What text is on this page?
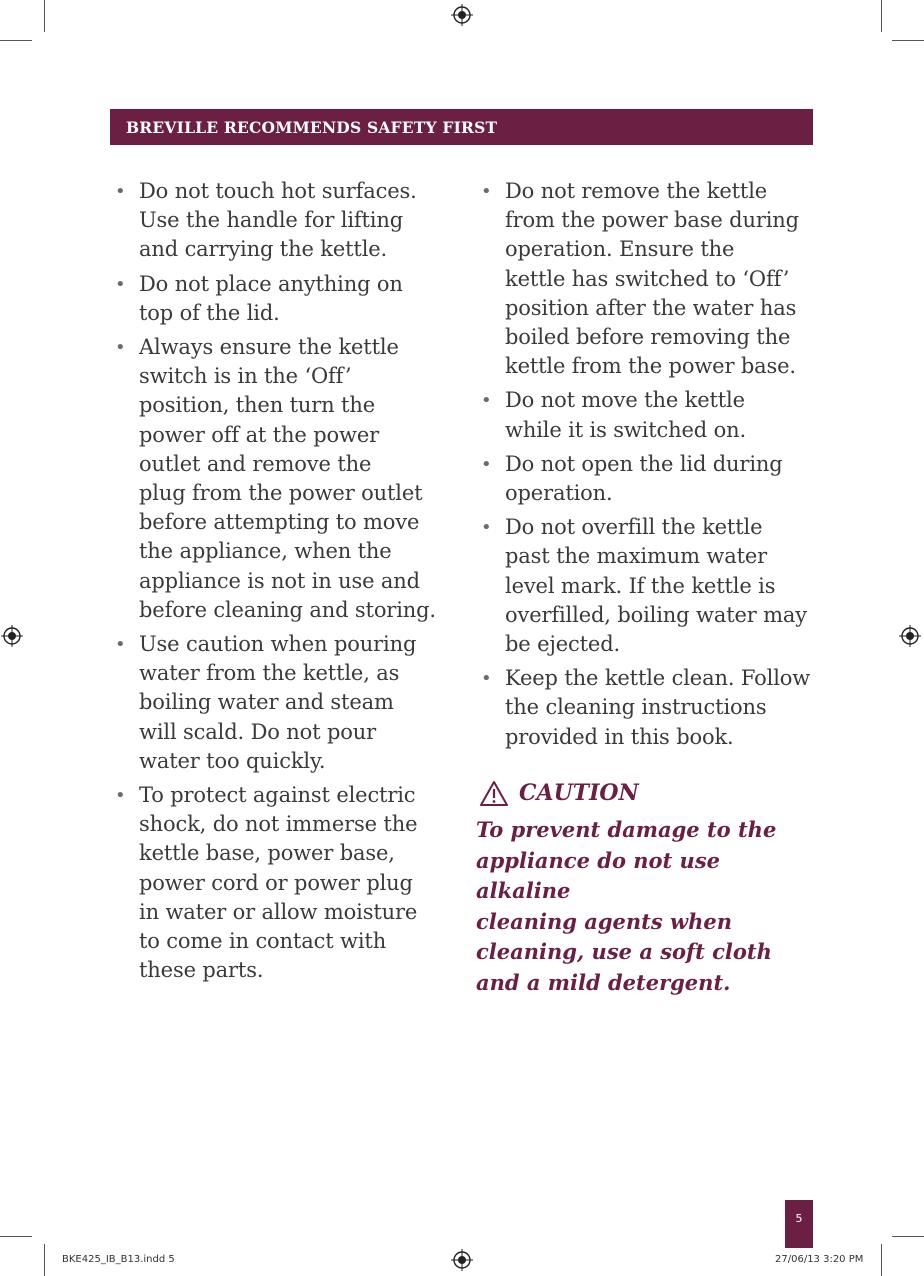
BREVILLE RECOMMENDS SAFETY FIRST
• Do not touch hot surfaces.
Use the handle for lifting
and carrying the kettle.
• Do not place anything on
top of the lid.
• Always ensure the kettle
switch is in the ‘Off’
position, then turn the
power off at the power
outlet and remove the
plug from the power outlet
before attempting to move
the appliance, when the
appliance is not in use and
before cleaning and storing.
• Use caution when pouring
water from the kettle, as
boiling water and steam
will scald. Do not pour
water too quickly.
• To protect against electric
shock, do not immerse the
kettle base, power base,
power cord or power plug
in water or allow moisture
to come in contact with
these parts.
• Do not remove the kettle
from the power base during
operation. Ensure the
kettle has switched to ‘Off’
position after the water has
boiled before removing the
kettle from the power base.
• Do not move the kettle
while it is switched on.
• Do not open the lid during
operation.
• Do not overfill the kettle
past the maximum water
level mark. If the kettle is
overfilled, boiling water may
be ejected.
• Keep the kettle clean. Follow
the cleaning instructions
provided in this book.
CAUTION
To prevent damage to the
appliance do not use alkaline
cleaning agents when
cleaning, use a soft cloth
and a mild detergent.
5
BKE425_IB_B13.indd 5	27/06/13 3:20 PM
